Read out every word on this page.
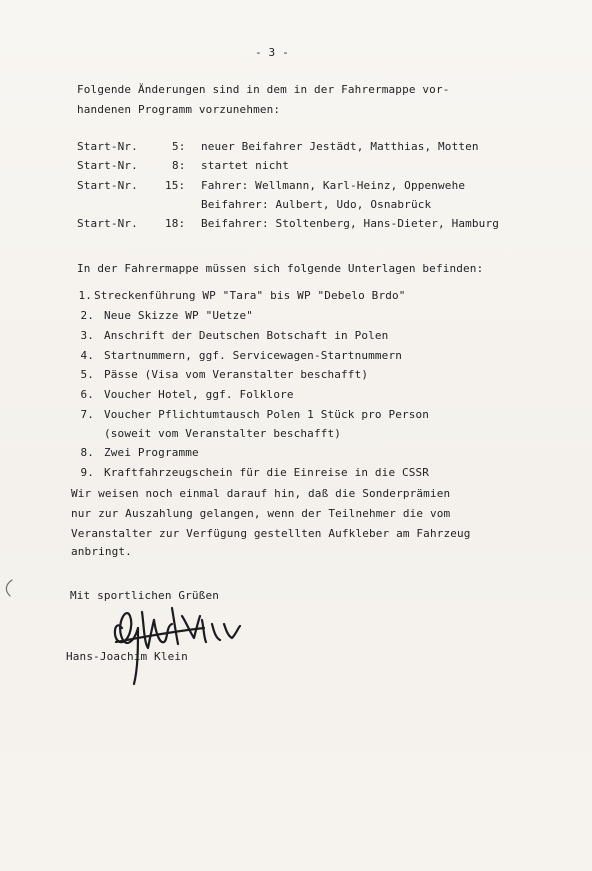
- 3 -
Folgende Änderungen sind in dem in der Fahrermappe vor-
handenen Programm vorzunehmen:
Start-Nr.	5: neuer Beifahrer Jestädt, Matthias, Motten
Start-Nr.	8: startet nicht
Start-Nr. 15: Fahrer: Wellmann, Karl-Heinz, Oppenwehe
Beifahrer: Aulbert, Udo, Osnabrück
Start-Nr. 18: Beifahrer: Stoltenberg, Hans-Dieter, Hamburg
In der Fahrermappe müssen sich folgende Unterlagen befinden:
1. Streckenführung WP "Tara" bis WP "Debelo Brdo"
2. Neue Skizze WP "Uetze"
3. Anschrift der Deutschen Botschaft in Polen
4. Startnummern, ggf. Servicewagen-Startnummern
5. Pässe (Visa vom Veranstalter beschafft)
6. Voucher Hotel, ggf. Folklore
7. Voucher Pflichtumtausch Polen 1 Stück pro Person
(soweit vom Veranstalter beschafft)
8. Zwei Programme
9. Kraftfahrzeugschein für die Einreise in die CSSR
Wir weisen noch einmal darauf hin, daß die Sonderprämien
nur zur Auszahlung gelangen, wenn der Teilnehmer die vom
Veranstalter zur Verfügung gestellten Aufkleber am Fahrzeug
anbringt.
Mit sportlichen Grüßen
Hans-Joachim Klein
